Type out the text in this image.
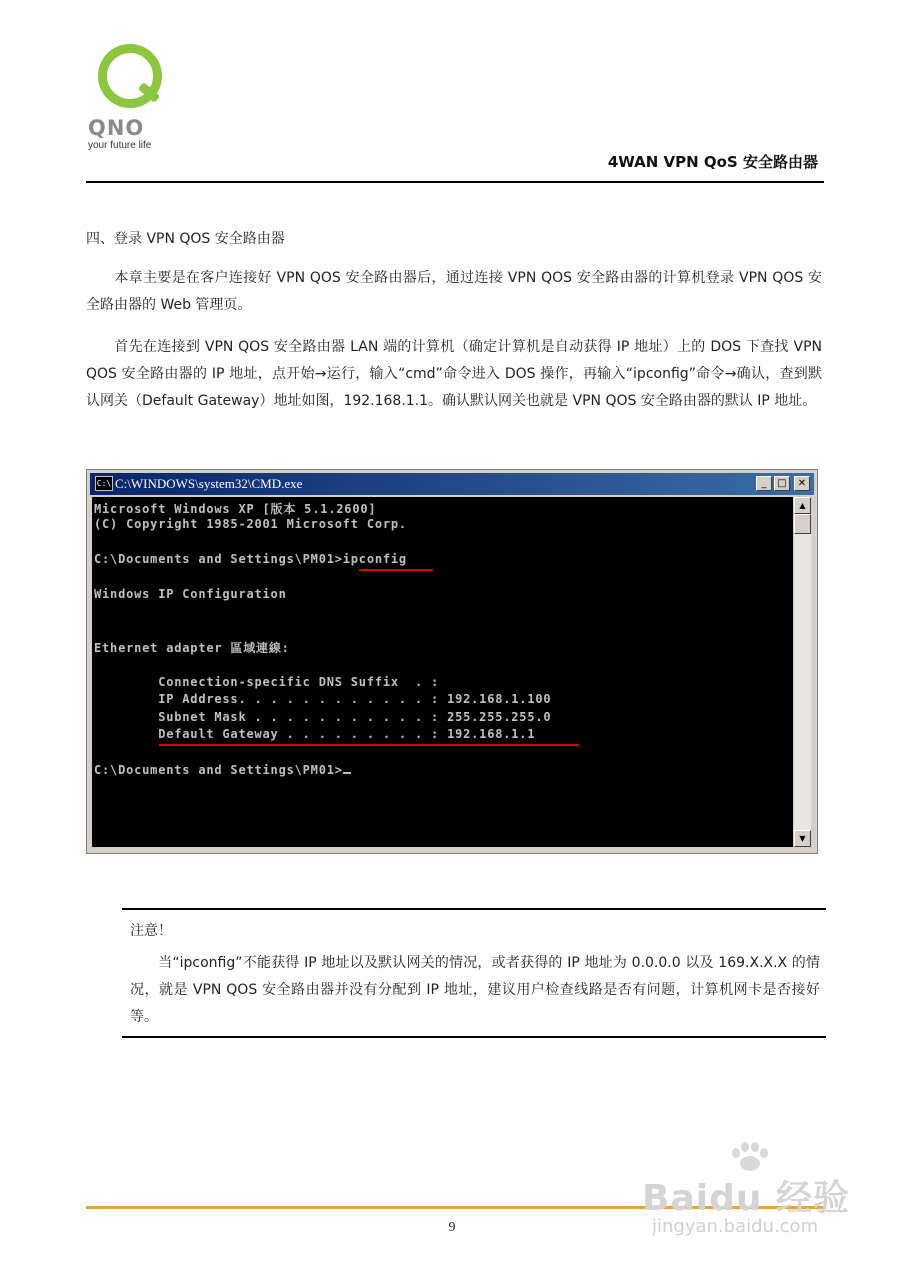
QNO
your future life
4WAN VPN QoS 安全路由器
四、登录 VPN QOS 安全路由器
本章主要是在客户连接好 VPN QOS 安全路由器后，通过连接 VPN QOS 安全路由器的计算机登录 VPN QOS 安全路由器的 Web 管理页。
首先在连接到 VPN QOS 安全路由器 LAN 端的计算机（确定计算机是自动获得 IP 地址）上的 DOS 下查找 VPN QOS 安全路由器的 IP 地址，点开始→运行，输入“cmd”命令进入 DOS 操作，再输入“ipconfig”命令→确认，查到默认网关（Default Gateway）地址如图，192.168.1.1。确认默认网关也就是 VPN QOS 安全路由器的默认 IP 地址。
C:\ C:\WINDOWS\system32\CMD.exe	_	□	✕
Microsoft Windows XP [版本 5.1.2600]
(C) Copyright 1985-2001 Microsoft Corp.
C:\Documents and Settings\PM01>ipconfig
Windows IP Configuration
Ethernet adapter 區域連線:
Connection-specific DNS Suffix  . :
IP Address. . . . . . . . . . . . : 192.168.1.100
Subnet Mask . . . . . . . . . . . : 255.255.255.0
Default Gateway . . . . . . . . . : 192.168.1.1
C:\Documents and Settings\PM01>
▲
▼
注意！
当“ipconfig”不能获得 IP 地址以及默认网关的情况，或者获得的 IP 地址为 0.0.0.0 以及 169.X.X.X 的情况，就是 VPN QOS 安全路由器并没有分配到 IP 地址，建议用户检查线路是否有问题，计算机网卡是否接好等。
9
Baidu 经验
jingyan.baidu.com
